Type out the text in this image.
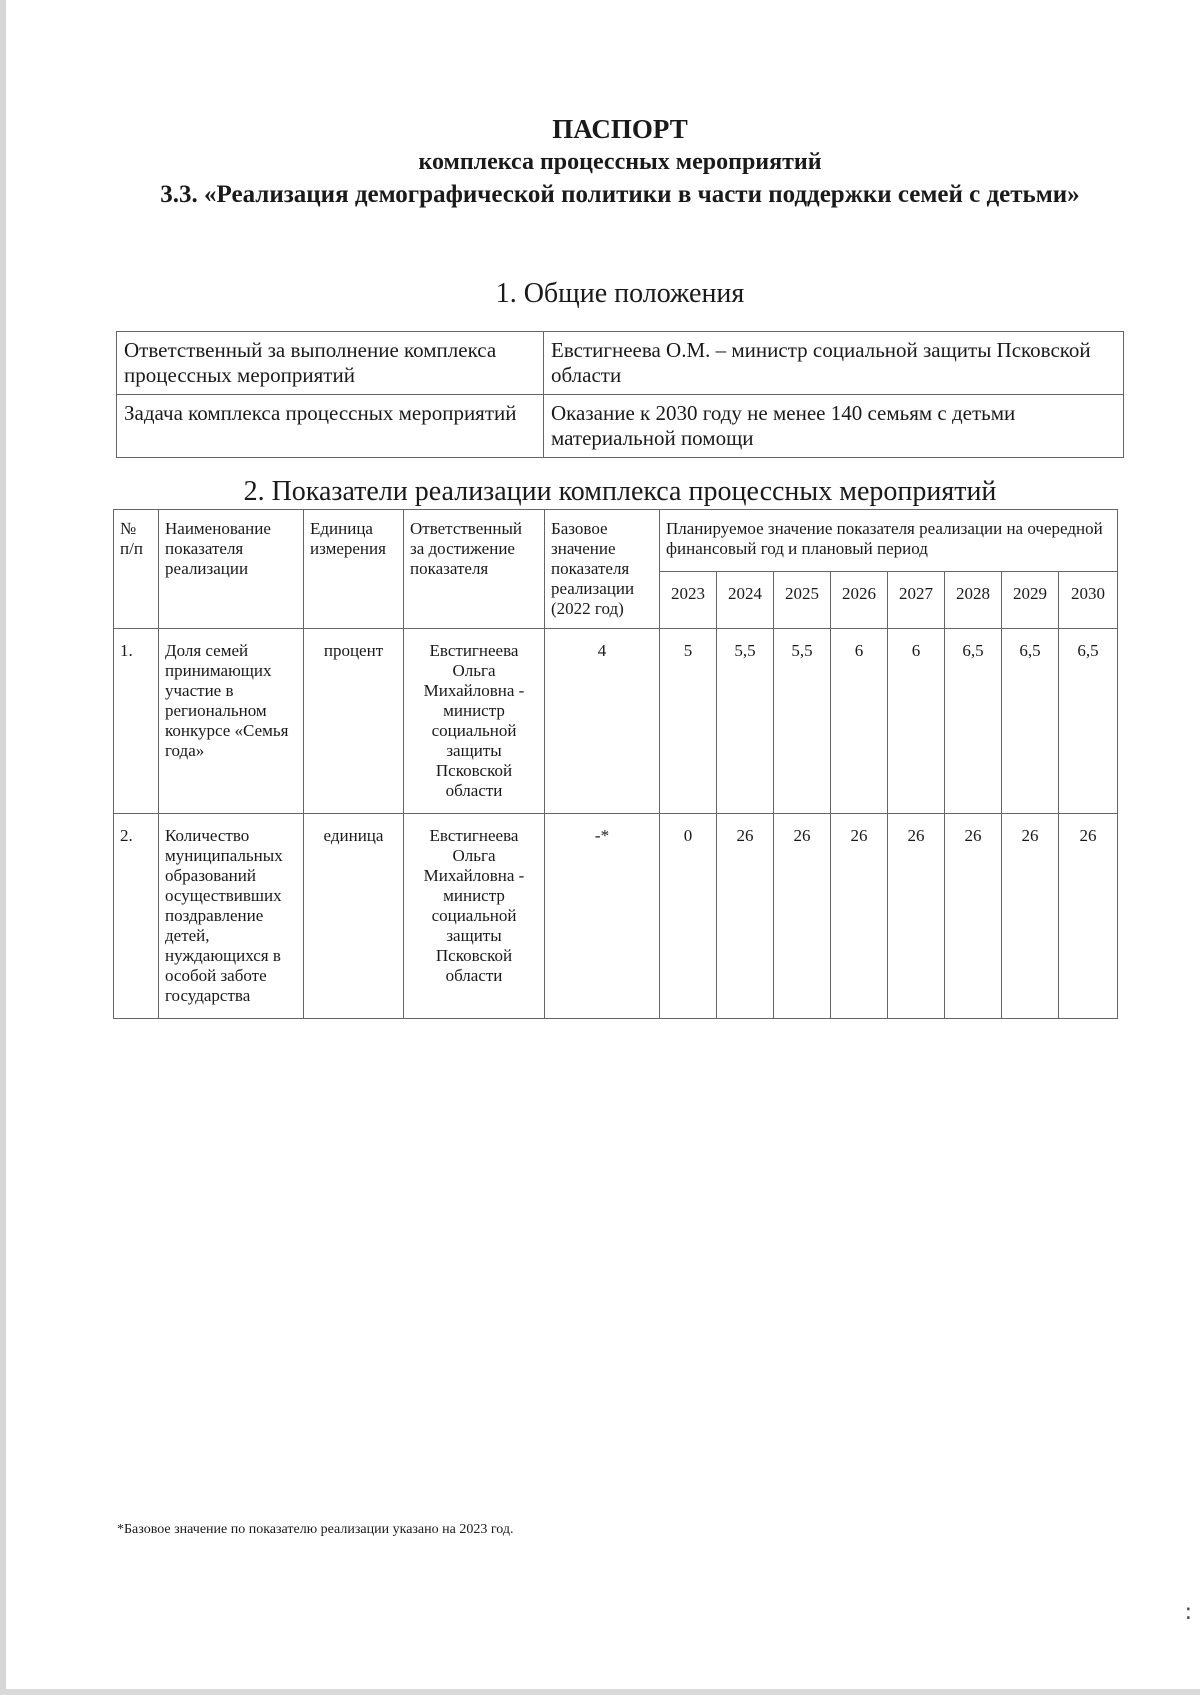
ПАСПОРТ
комплекса процессных мероприятий
3.3. «Реализация демографической политики в части поддержки семей с детьми»
1. Общие положения
Ответственный за выполнение комплекса процессных мероприятий	Евстигнеева О.М. – министр социальной защиты Псковской области
Задача комплекса процессных мероприятий	Оказание к 2030 году не менее 140 семьям с детьми материальной помощи
2. Показатели реализации комплекса процессных мероприятий
№ п/п	Наименование показателя реализации	Единица измерения	Ответственный за достижение показателя	Базовое значение показателя реализации (2022 год)	Планируемое значение показателя реализации на очередной финансовый год и плановый период							
					2023	2024	2025	2026	2027	2028	2029	2030
1.	Доля семей принимающих участие в региональном конкурсе «Семья года»	процент	Евстигнеева Ольга Михайловна - министр социальной защиты Псковской области	4	5	5,5	5,5	6	6	6,5	6,5	6,5
2.	Количество муниципальных образований осуществивших поздравление детей, нуждающихся в особой заботе государства	единица	Евстигнеева Ольга Михайловна - министр социальной защиты Псковской области	-*	0	26	26	26	26	26	26	26
*Базовое значение по показателю реализации указано на 2023 год.
:
